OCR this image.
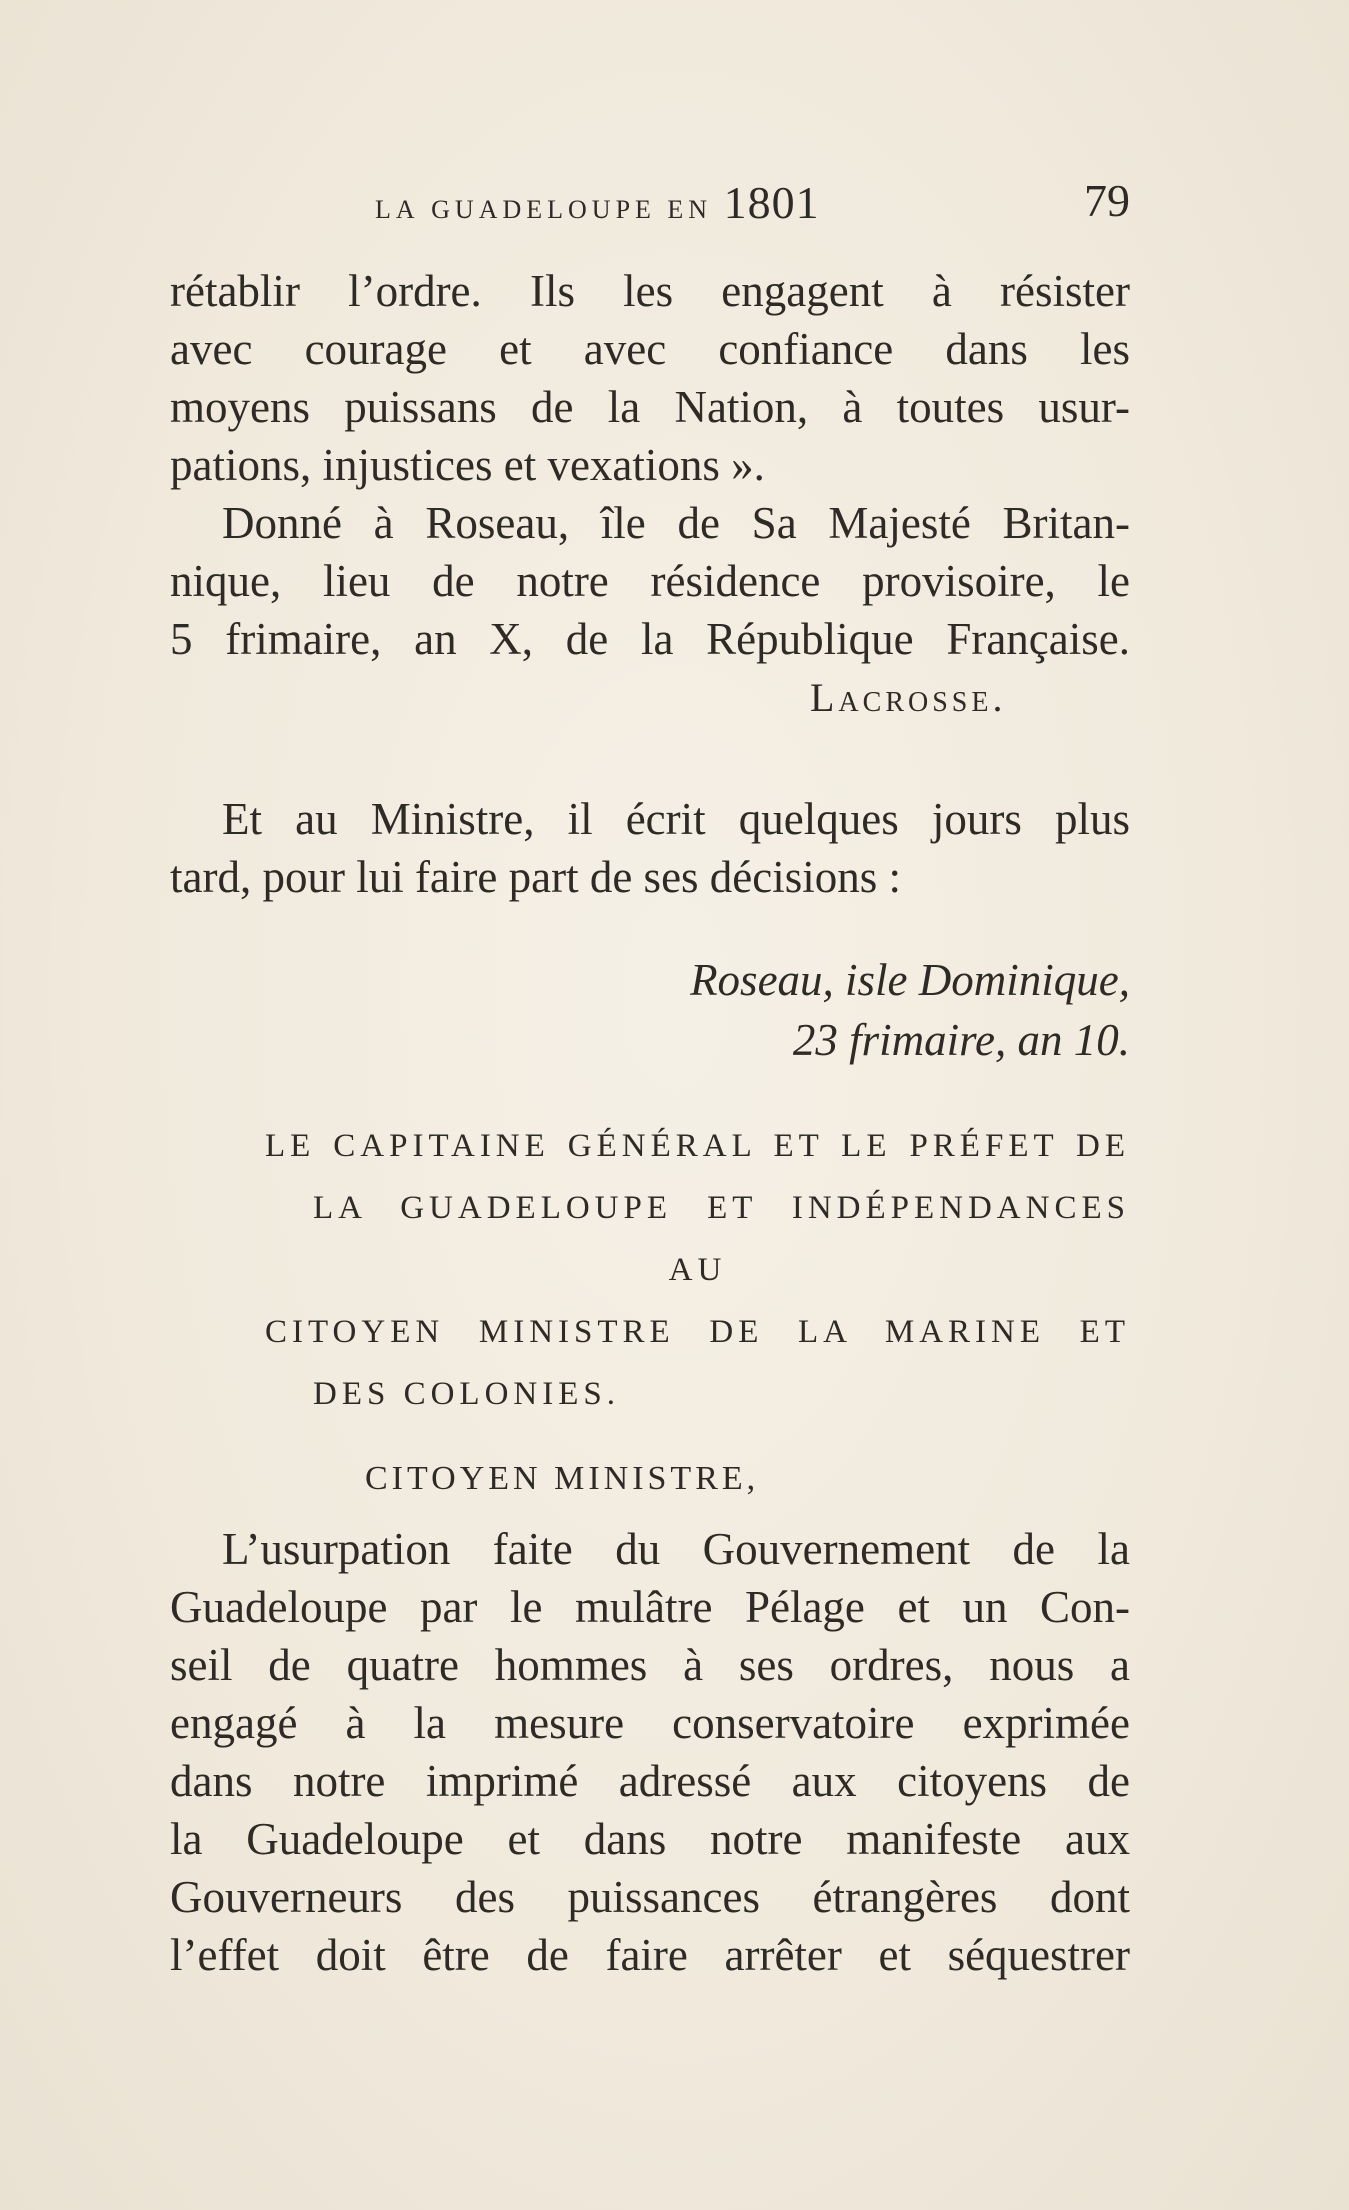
la guadeloupe en 1801	79
rétablir l’ordre. Ils les engagent à résister
avec courage et avec confiance dans les
moyens puissans de la Nation, à toutes usur-
pations, injustices et vexations ».
Donné à Roseau, île de Sa Majesté Britan-
nique, lieu de notre résidence provisoire, le
5 frimaire, an X, de la République Française.
Lacrosse.
Et au Ministre, il écrit quelques jours plus
tard, pour lui faire part de ses décisions :
Roseau, isle Dominique,
23 frimaire, an 10.
LE CAPITAINE GÉNÉRAL ET LE PRÉFET DE
LA GUADELOUPE ET INDÉPENDANCES
AU
CITOYEN MINISTRE DE LA MARINE ET
DES COLONIES.
CITOYEN MINISTRE,
L’usurpation faite du Gouvernement de la
Guadeloupe par le mulâtre Pélage et un Con-
seil de quatre hommes à ses ordres, nous a
engagé à la mesure conservatoire exprimée
dans notre imprimé adressé aux citoyens de
la Guadeloupe et dans notre manifeste aux
Gouverneurs des puissances étrangères dont
l’effet doit être de faire arrêter et séquestrer
